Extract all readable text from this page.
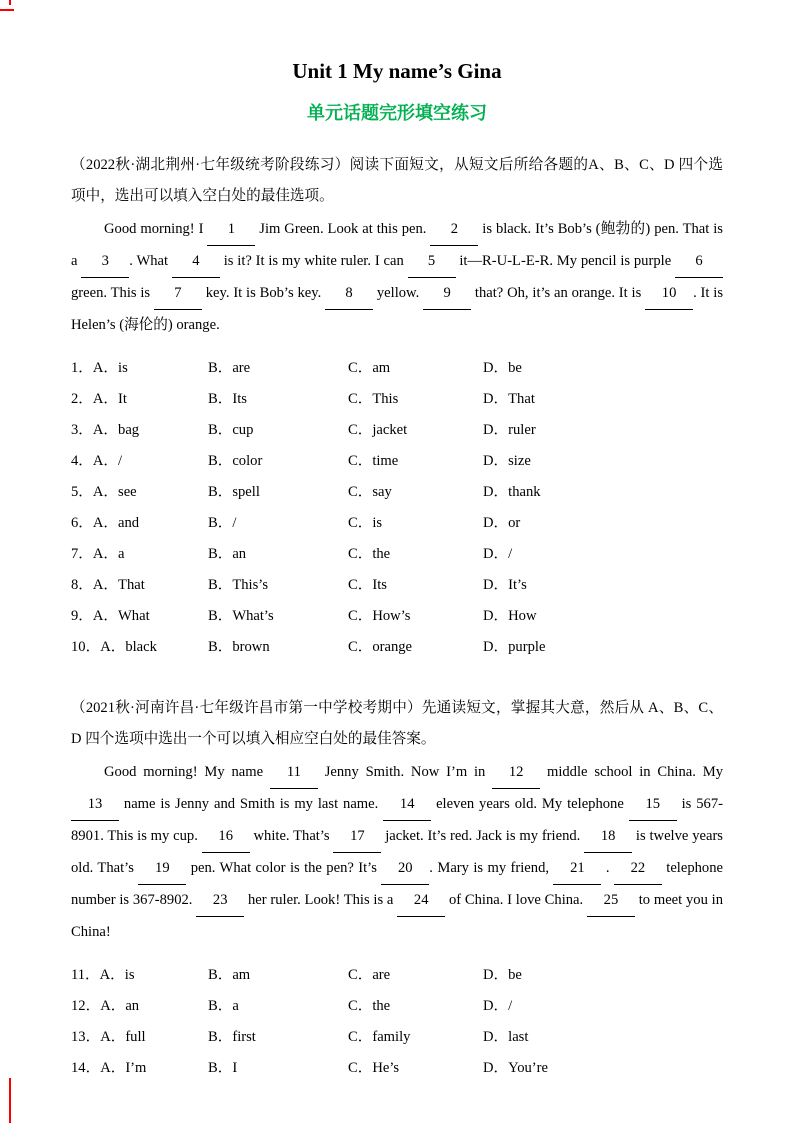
Unit 1 My name’s Gina
单元话题完形填空练习

（2022秋·湖北荆州·七年级统考阶段练习）阅读下面短文，从短文后所给各题的A、B、C、D 四个选项中，选出可以填入空白处的最佳选项。

Good morning! I 1 Jim Green. Look at this pen. 2 is black. It’s Bob’s (鲍勃的) pen. That is a 3 . What 4 is it? It is my white ruler. I can 5 it—R-U-L-E-R. My pencil is purple 6 green. This is 7 key. It is Bob’s key. 8 yellow. 9 that? Oh, it’s an orange. It is 10 . It is Helen’s (海伦的) orange.

1．A．is	B．are	C．am	D．be
2．A．It	B．Its	C．This	D．That
3．A．bag	B．cup	C．jacket	D．ruler
4．A．/	B．color	C．time	D．size
5．A．see	B．spell	C．say	D．thank
6．A．and	B．/	C．is	D．or
7．A．a	B．an	C．the	D．/
8．A．That	B．This’s	C．Its	D．It’s
9．A．What	B．What’s	C．How’s	D．How
10．A．black	B．brown	C．orange	D．purple

（2021秋·河南许昌·七年级许昌市第一中学校考期中）先通读短文，掌握其大意，然后从 A、B、C、D 四个选项中选出一个可以填入相应空白处的最佳答案。

Good morning! My name 11 Jenny Smith. Now I’m in 12 middle school in China. My 13 name is Jenny and Smith is my last name. 14 eleven years old. My telephone 15 is 567-8901. This is my cup. 16 white. That’s 17 jacket. It’s red. Jack is my friend. 18 is twelve years old. That’s 19 pen. What color is the pen? It’s 20 . Mary is my friend, 21 . 22 telephone number is 367-8902. 23 her ruler. Look! This is a 24 of China. I love China. 25 to meet you in China!

11．A．is	B．am	C．are	D．be
12．A．an	B．a	C．the	D．/
13．A．full	B．first	C．family	D．last
14．A．I’m	B．I	C．He’s	D．You’re
